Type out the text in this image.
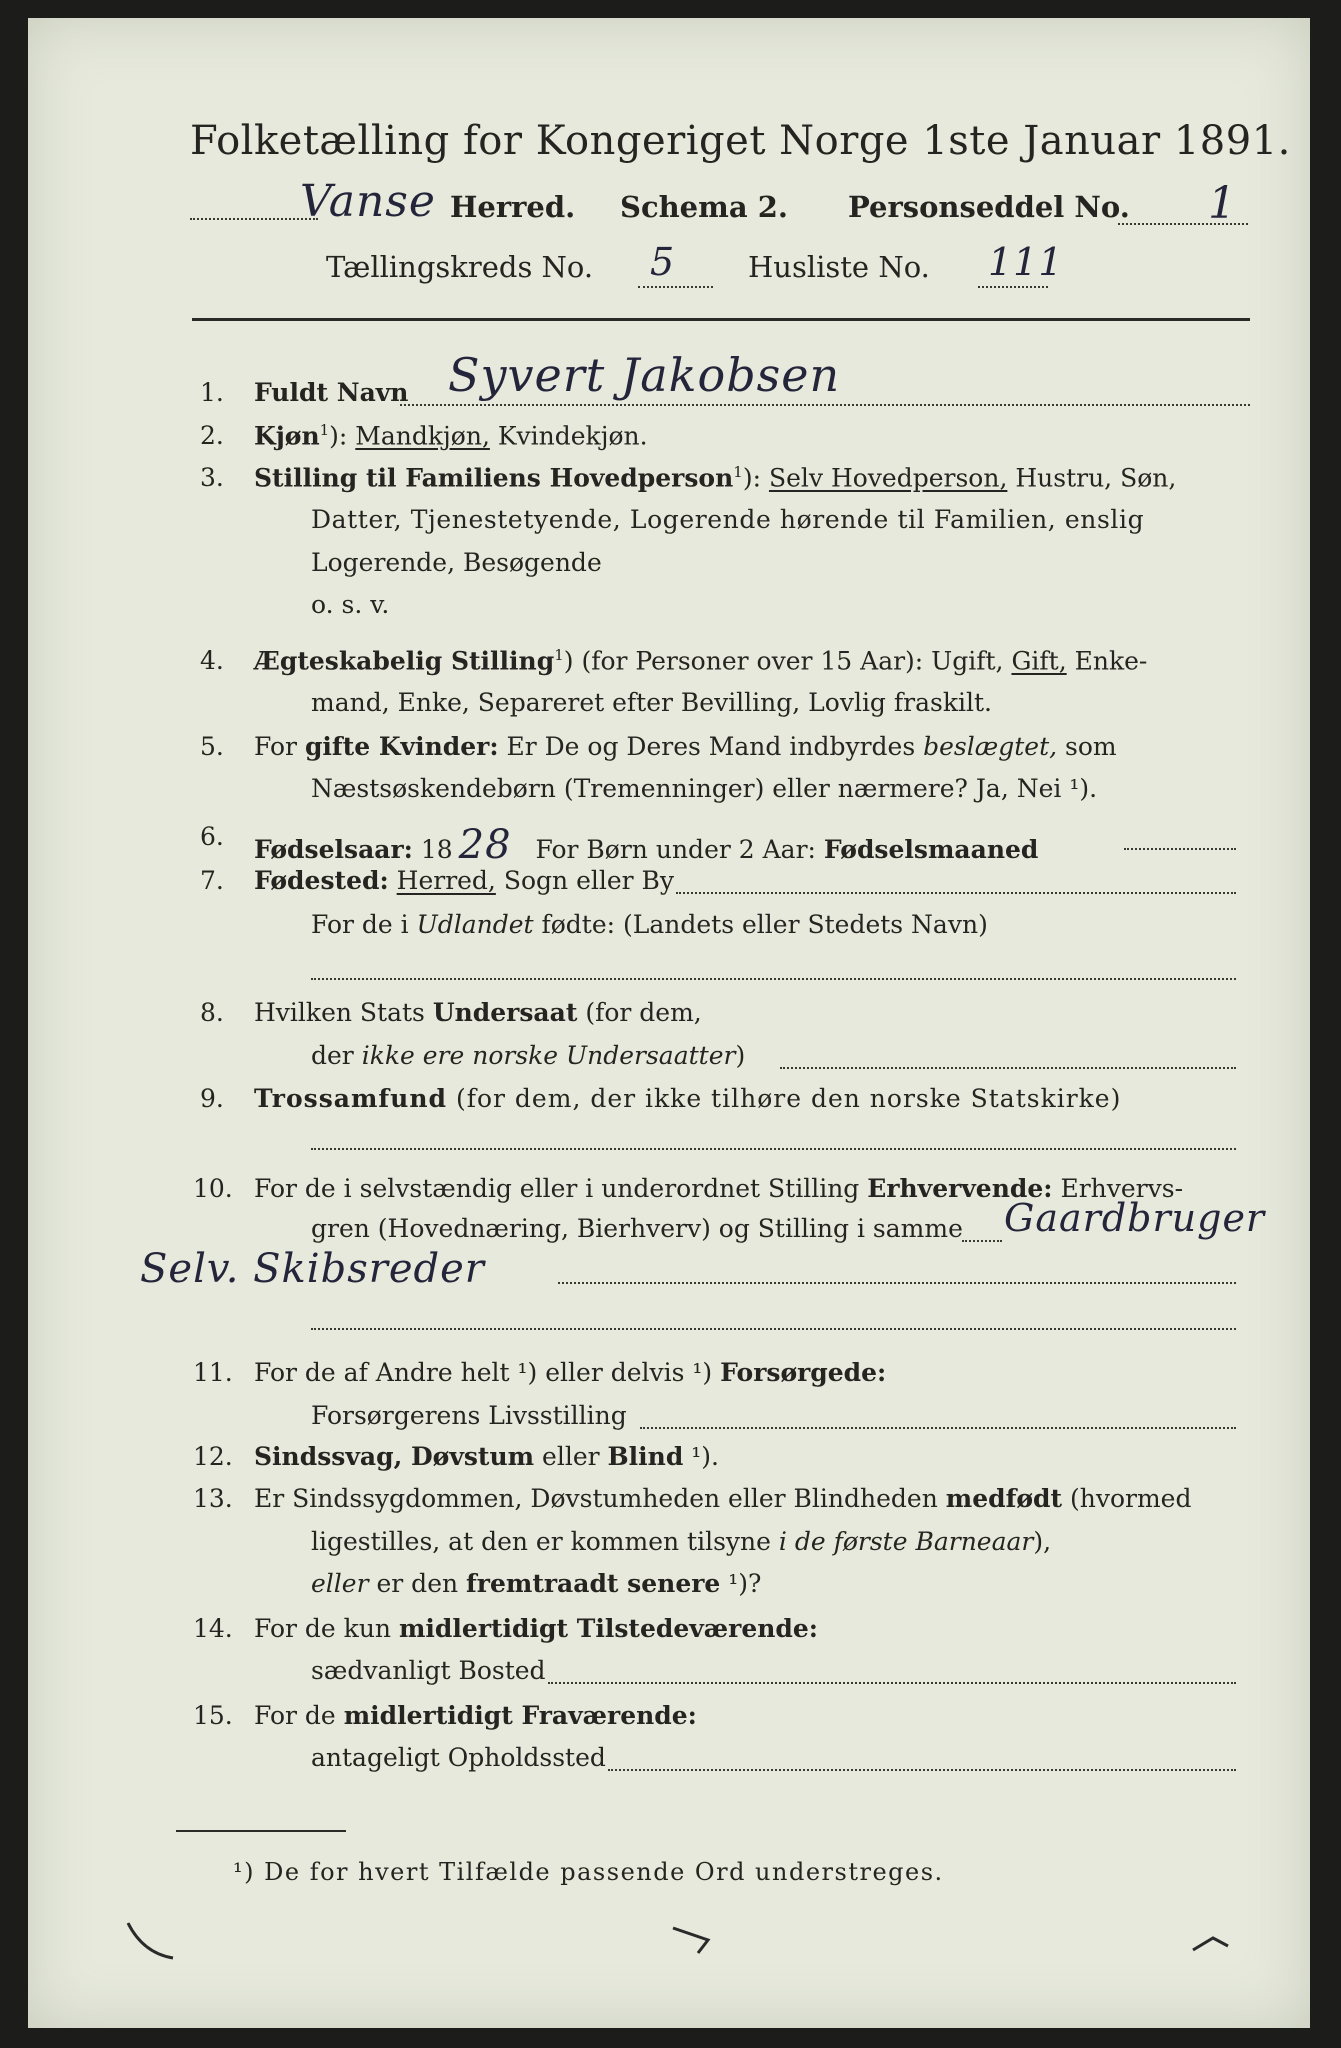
Folketælling for Kongeriget Norge 1ste Januar 1891.
Vanse Herred. Schema 2. Personseddel No. 1
Tællingskreds No. 5	Husliste No. 111
1. Fuldt Navn Syvert Jakobsen
2. Kjøn$^1$): Mandkjøn, Kvindekjøn.
3. Stilling til Familiens Hovedperson$^1$): Selv Hovedperson, Hustru, Søn,
Datter, Tjenestetyende, Logerende hørende til Familien, enslig
Logerende, Besøgende
o. s. v.
4. Ægteskabelig Stilling$^1$) (for Personer over 15 Aar): Ugift, Gift, Enke-
mand, Enke, Separeret efter Bevilling, Lovlig fraskilt.
5. For gifte Kvinder: Er De og Deres Mand indbyrdes beslægtet, som
Næstsøskendebørn (Tremenninger) eller nærmere? Ja, Nei ¹).
6. Fødselsaar: 18 28 For Børn under 2 Aar: Fødselsmaaned
7. Fødested: Herred, Sogn eller By
For de i Udlandet fødte: (Landets eller Stedets Navn)
8. Hvilken Stats Undersaat (for dem,
der ikke ere norske Undersaatter)
9. Trossamfund (for dem, der ikke tilhøre den norske Statskirke)
10. For de i selvstændig eller i underordnet Stilling Erhvervende: Erhvervs-
gren (Hovednæring, Bierhverv) og Stilling i samme Gaardbruger
Selv. Skibsreder
11. For de af Andre helt ¹) eller delvis ¹) Forsørgede:
Forsørgerens Livsstilling
12. Sindssvag, Døvstum eller Blind ¹).
13. Er Sindssygdommen, Døvstumheden eller Blindheden medfødt (hvormed
ligestilles, at den er kommen tilsyne i de første Barneaar),
eller er den fremtraadt senere ¹)?
14. For de kun midlertidigt Tilstedeværende:
sædvanligt Bosted
15. For de midlertidigt Fraværende:
antageligt Opholdssted
¹) De for hvert Tilfælde passende Ord understreges.
